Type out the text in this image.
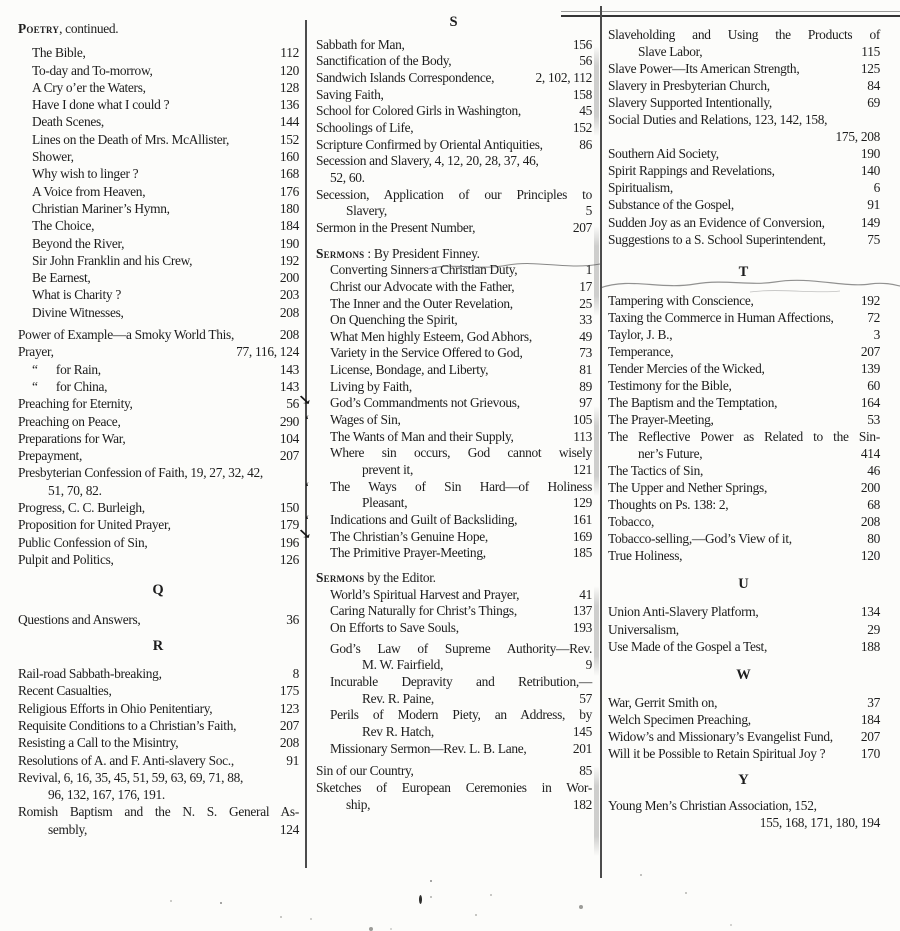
Poetry, continued.
The Bible,	112
To-day and To-morrow,	120
A Cry o’er the Waters,	128
Have I done what I could ?	136
Death Scenes,	144
Lines on the Death of Mrs. McAllister,	152
Shower,	160
Why wish to linger ?	168
A Voice from Heaven,	176
Christian Mariner’s Hymn,	180
The Choice,	184
Beyond the River,	190
Sir John Franklin and his Crew,	192
Be Earnest,	200
What is Charity ?	203
Divine Witnesses,	208
Power of Example—a Smoky World This,	208
Prayer,	77, 116, 124
“      for Rain,	143
“      for China,	143
Preaching for Eternity,	56
Preaching on Peace,	290
Preparations for War,	104
Prepayment,	207
Presbyterian Confession of Faith, 19, 27, 32, 42,
51, 70, 82.
Progress, C. C. Burleigh,	150
Proposition for United Prayer,	179
Public Confession of Sin,	196
Pulpit and Politics,	126
Q
Questions and Answers,	36
R
Rail-road Sabbath-breaking,	8
Recent Casualties,	175
Religious Efforts in Ohio Penitentiary,	123
Requisite Conditions to a Christian’s Faith,	207
Resisting a Call to the Misintry,	208
Resolutions of A. and F. Anti-slavery Soc.,	91
Revival, 6, 16, 35, 45, 51, 59, 63, 69, 71, 88,
96, 132, 167, 176, 191.
Romish Baptism and the N. S. General As-
sembly,	124
S
Sabbath for Man,	156
Sanctification of the Body,	56
Sandwich Islands Correspondence,	2, 102, 112
Saving Faith,	158
School for Colored Girls in Washington,	45
Schoolings of Life,	152
Scripture Confirmed by Oriental Antiquities,	86
Secession and Slavery, 4, 12, 20, 28, 37, 46,
52, 60.
Secession, Application of our Principles to
Slavery,	5
Sermon in the Present Number,	207
Sermons : By President Finney.
Converting Sinners a Christian Duty,	1
Christ our Advocate with the Father,	17
The Inner and the Outer Revelation,	25
On Quenching the Spirit,	33
What Men highly Esteem, God Abhors,	49
Variety in the Service Offered to God,	73
License, Bondage, and Liberty,	81
Living by Faith,	89
↘ God’s Commandments not Grievous,	97
ʻ Wages of Sin,	105
The Wants of Man and their Supply,	113
Where sin occurs, God cannot wisely
prevent it,	121
ʻ The Ways of Sin Hard—of Holiness
Pleasant,	129
ʻ Indications and Guilt of Backsliding,	161
↘ The Christian’s Genuine Hope,	169
The Primitive Prayer-Meeting,	185
Sermons by the Editor.
World’s Spiritual Harvest and Prayer,	41
Caring Naturally for Christ’s Things,	137
On Efforts to Save Souls,	193
God’s Law of Supreme Authority—Rev.
M. W. Fairfield,	9
Incurable Depravity and Retribution,—
Rev. R. Paine,	57
Perils of Modern Piety, an Address, by
Rev R. Hatch,	145
Missionary Sermon—Rev. L. B. Lane,	201
Sin of our Country,	85
Sketches of European Ceremonies in Wor-
ship,	182
Slaveholding and Using the Products of
Slave Labor,	115
Slave Power—Its American Strength,	125
Slavery in Presbyterian Church,	84
Slavery Supported Intentionally,	69
Social Duties and Relations, 123, 142, 158,
175, 208
Southern Aid Society,	190
Spirit Rappings and Revelations,	140
Spiritualism,	6
Substance of the Gospel,	91
Sudden Joy as an Evidence of Conversion,	149
Suggestions to a S. School Superintendent,	75
T
Tampering with Conscience,	192
Taxing the Commerce in Human Affections,	72
Taylor, J. B.,	3
Temperance,	207
Tender Mercies of the Wicked,	139
Testimony for the Bible,	60
The Baptism and the Temptation,	164
The Prayer-Meeting,	53
The Reflective Power as Related to the Sin-
ner’s Future,	414
The Tactics of Sin,	46
The Upper and Nether Springs,	200
Thoughts on Ps. 138: 2,	68
Tobacco,	208
Tobacco-selling,—God’s View of it,	80
True Holiness,	120
U
Union Anti-Slavery Platform,	134
Universalism,	29
Use Made of the Gospel a Test,	188
W
War, Gerrit Smith on,	37
Welch Specimen Preaching,	184
Widow’s and Missionary’s Evangelist Fund, 207
Will it be Possible to Retain Spiritual Joy ?	170
Y
Young Men’s Christian Association, 152,
155, 168, 171, 180, 194
